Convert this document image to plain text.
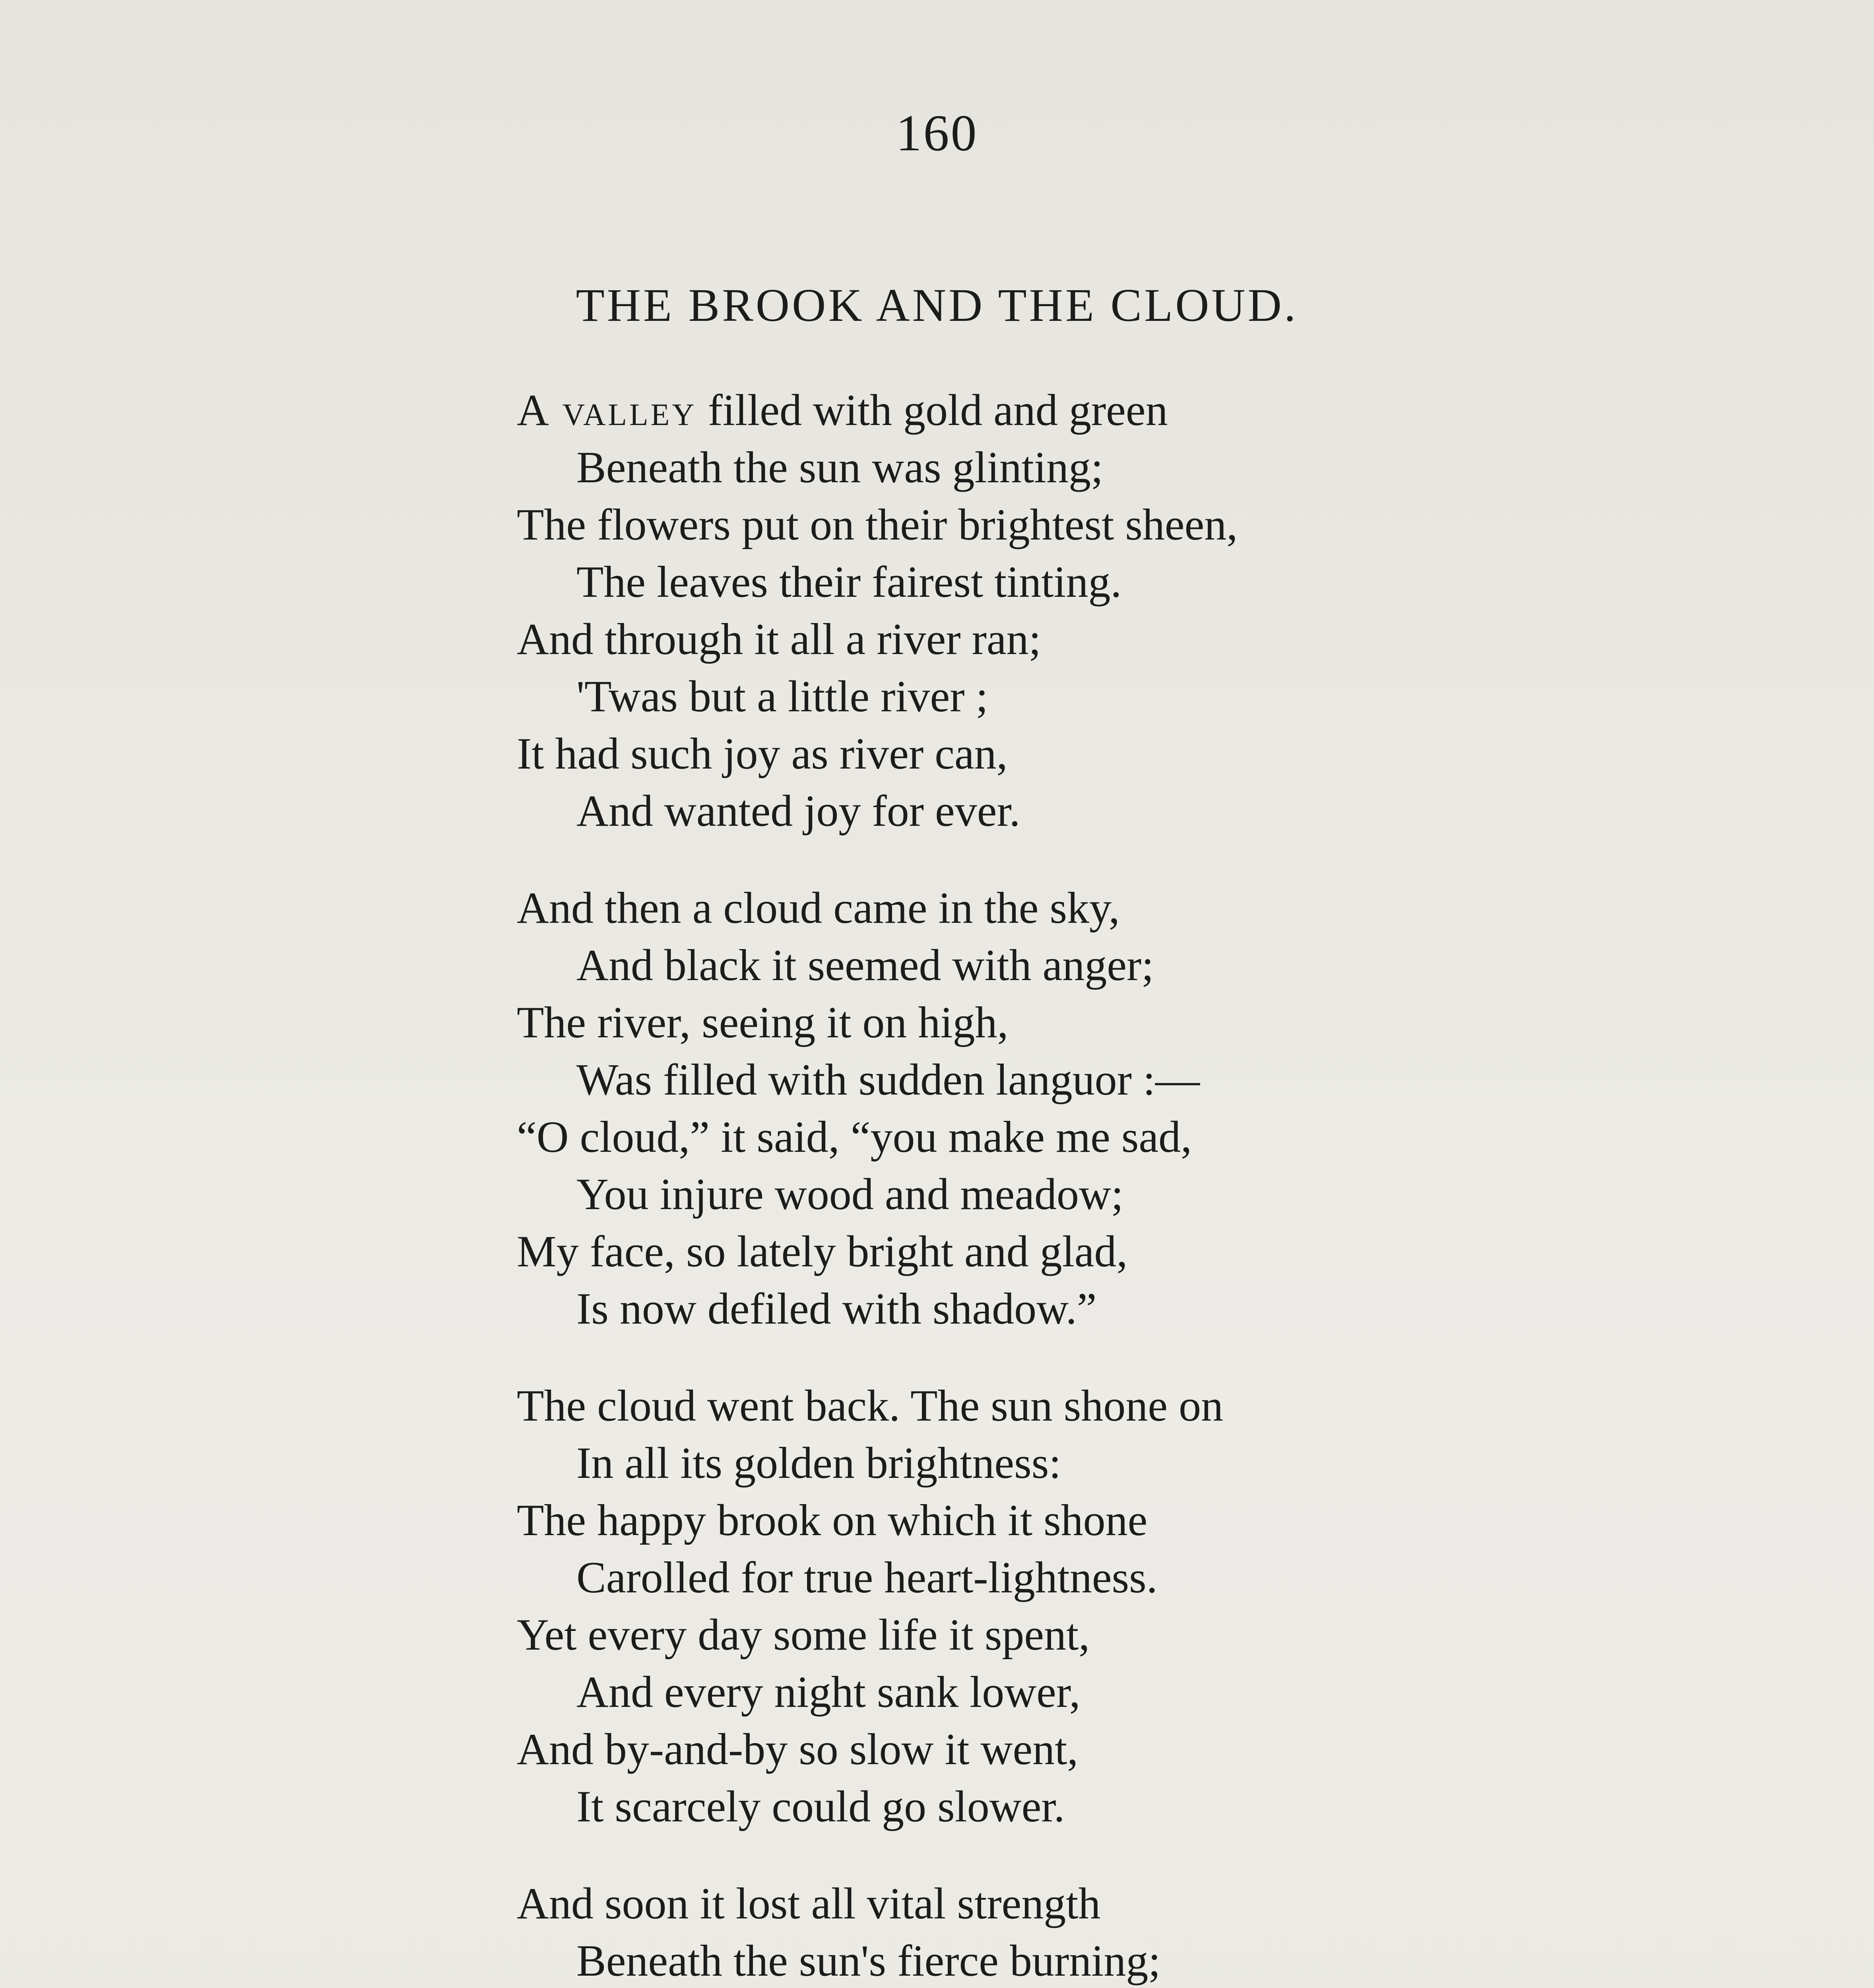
160
THE BROOK AND THE CLOUD.
A valley filled with gold and green
Beneath the sun was glinting;
The flowers put on their brightest sheen,
The leaves their fairest tinting.
And through it all a river ran;
'Twas but a little river ;
It had such joy as river can,
And wanted joy for ever.
And then a cloud came in the sky,
And black it seemed with anger;
The river, seeing it on high,
Was filled with sudden languor :—
“O cloud,” it said, “you make me sad,
You injure wood and meadow;
My face, so lately bright and glad,
Is now defiled with shadow.”
The cloud went back. The sun shone on
In all its golden brightness:
The happy brook on which it shone
Carolled for true heart-lightness.
Yet every day some life it spent,
And every night sank lower,
And by-and-by so slow it went,
It scarcely could go slower.
And soon it lost all vital strength
Beneath the sun's fierce burning;
